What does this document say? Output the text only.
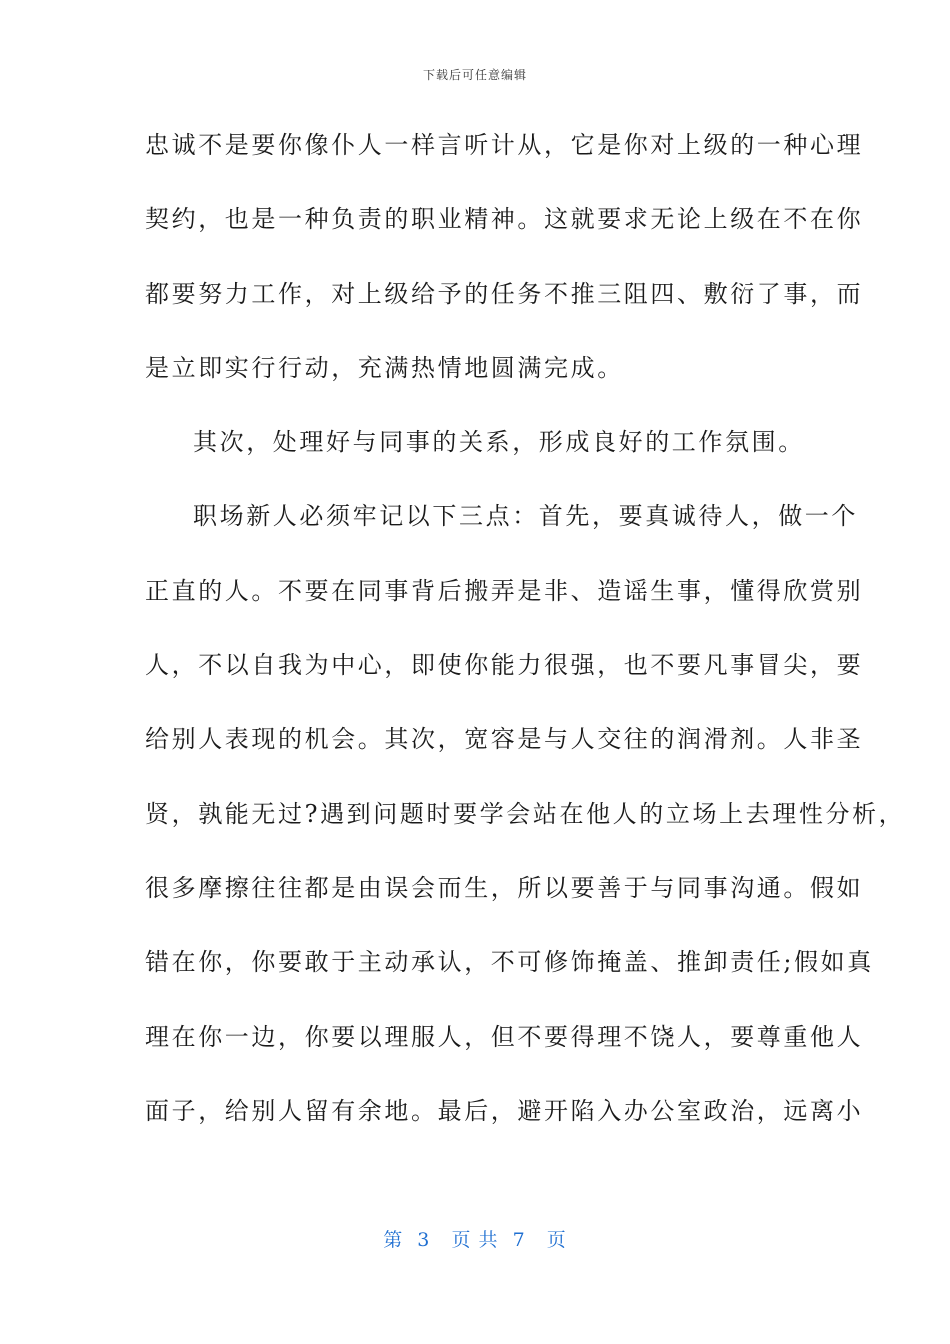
下载后可任意编辑
忠诚不是要你像仆人一样言听计从，它是你对上级的一种心理
契约，也是一种负责的职业精神。这就要求无论上级在不在你
都要努力工作，对上级给予的任务不推三阻四、敷衍了事，而
是立即实行行动，充满热情地圆满完成。
其次，处理好与同事的关系，形成良好的工作氛围。
职场新人必须牢记以下三点：首先，要真诚待人，做一个
正直的人。不要在同事背后搬弄是非、造谣生事，懂得欣赏别
人，不以自我为中心，即使你能力很强，也不要凡事冒尖，要
给别人表现的机会。其次，宽容是与人交往的润滑剂。人非圣
贤，孰能无过?遇到问题时要学会站在他人的立场上去理性分析，
很多摩擦往往都是由误会而生，所以要善于与同事沟通。假如
错在你，你要敢于主动承认，不可修饰掩盖、推卸责任;假如真
理在你一边，你要以理服人，但不要得理不饶人，要尊重他人
面子，给别人留有余地。最后，避开陷入办公室政治，远离小
第  3   页 共  7   页
